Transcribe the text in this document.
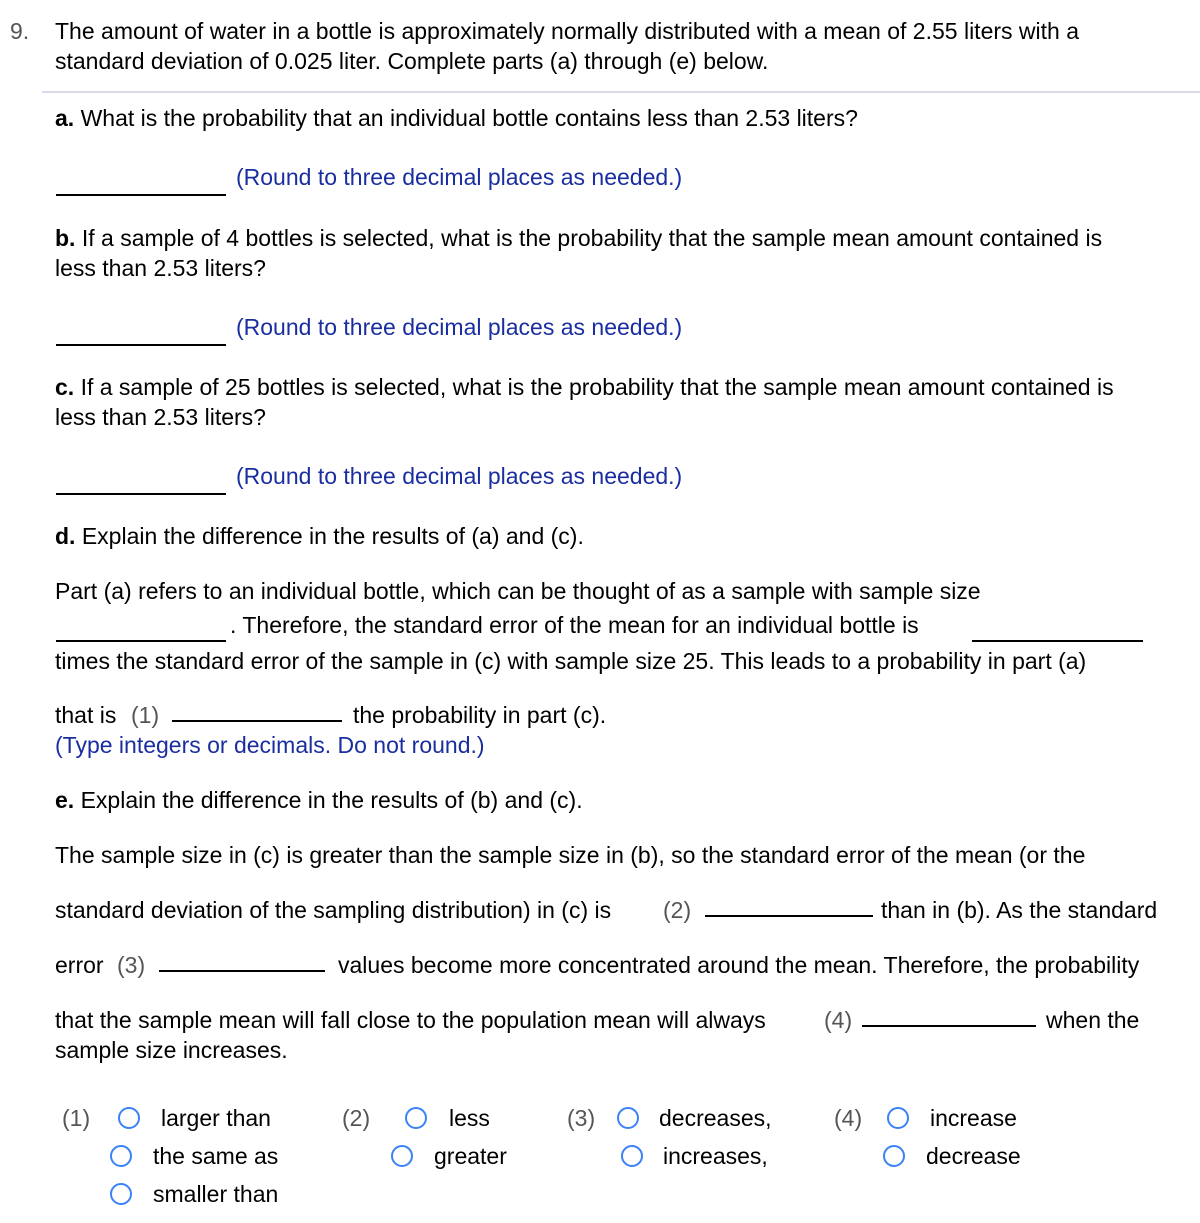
9. The amount of water in a bottle is approximately normally distributed with a mean of 2.55 liters with a
standard deviation of 0.025 liter. Complete parts (a) through (e) below.
a. What is the probability that an individual bottle contains less than 2.53 liters?
(Round to three decimal places as needed.)
b. If a sample of 4 bottles is selected, what is the probability that the sample mean amount contained is
less than 2.53 liters?
(Round to three decimal places as needed.)
c. If a sample of 25 bottles is selected, what is the probability that the sample mean amount contained is
less than 2.53 liters?
(Round to three decimal places as needed.)
d. Explain the difference in the results of (a) and (c).
Part (a) refers to an individual bottle, which can be thought of as a sample with sample size
. Therefore, the standard error of the mean for an individual bottle is
times the standard error of the sample in (c) with sample size 25. This leads to a probability in part (a)
that is (1)	the probability in part (c).
(Type integers or decimals. Do not round.)
e. Explain the difference in the results of (b) and (c).
The sample size in (c) is greater than the sample size in (b), so the standard error of the mean (or the
standard deviation of the sampling distribution) in (c) is (2)	than in (b). As the standard
error (3)	values become more concentrated around the mean. Therefore, the probability
that the sample mean will fall close to the population mean will always	(4)	when the
sample size increases.
(1)	larger than
the same as
smaller than
(2)	less
greater
(3)	decreases,
increases,
(4)	increase
decrease
